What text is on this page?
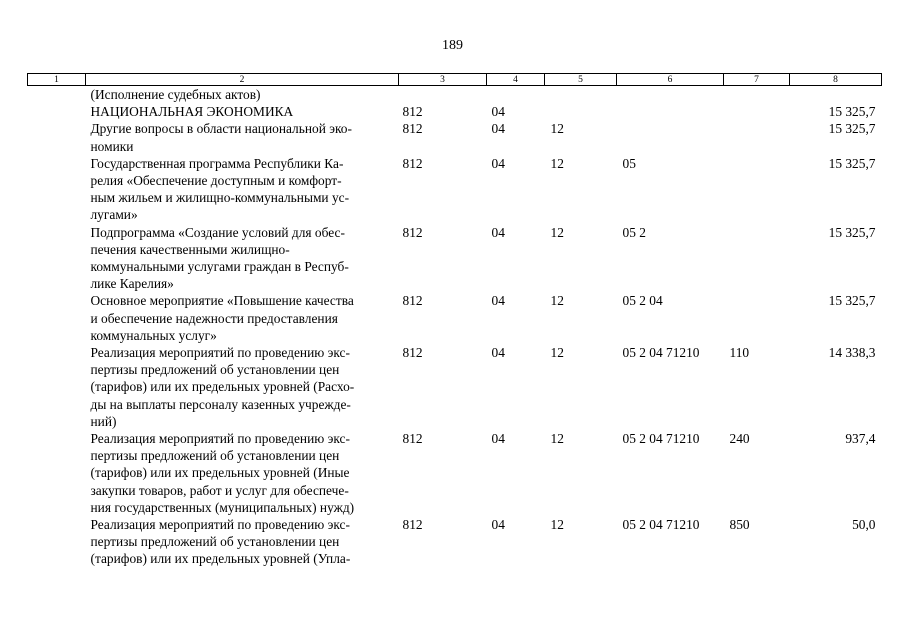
189
1	2	3	4	5	6	7	8
	(Исполнение судебных актов)						
	НАЦИОНАЛЬНАЯ ЭКОНОМИКА	812	04				15 325,7
	Другие вопросы в области национальной эко-
номики	812	04	12			15 325,7
	Государственная программа Республики Ка-
релия «Обеспечение доступным и комфорт-
ным жильем и жилищно-коммунальными ус-
лугами»	812	04	12	05		15 325,7
	Подпрограмма «Создание условий для обес-
печения качественными жилищно-
коммунальными услугами граждан в Респуб-
лике Карелия»	812	04	12	05 2		15 325,7
	Основное мероприятие «Повышение качества
и обеспечение надежности предоставления
коммунальных услуг»	812	04	12	05 2 04		15 325,7
	Реализация мероприятий по проведению экс-
пертизы предложений об установлении цен
(тарифов) или их предельных уровней (Расхо-
ды на выплаты персоналу казенных учрежде-
ний)	812	04	12	05 2 04 71210	110	14 338,3
	Реализация мероприятий по проведению экс-
пертизы предложений об установлении цен
(тарифов) или их предельных уровней (Иные
закупки товаров, работ и услуг для обеспече-
ния государственных (муниципальных) нужд)	812	04	12	05 2 04 71210	240	937,4
	Реализация мероприятий по проведению экс-
пертизы предложений об установлении цен
(тарифов) или их предельных уровней (Упла-	812	04	12	05 2 04 71210	850	50,0
